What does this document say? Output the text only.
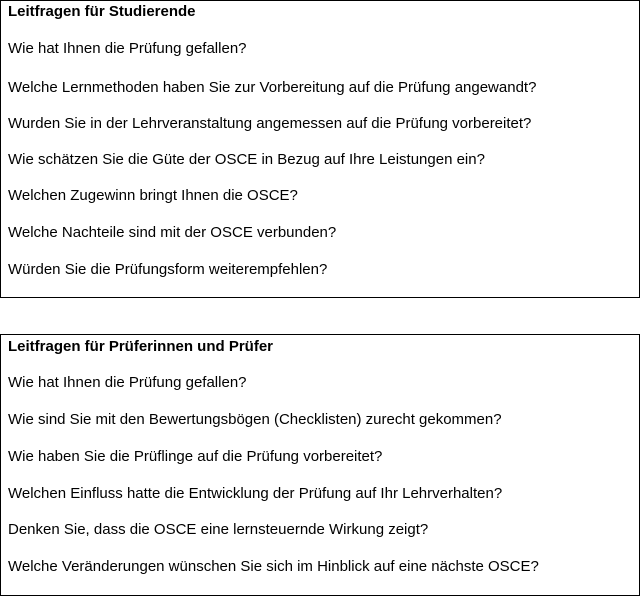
Leitfragen für Studierende
Wie hat Ihnen die Prüfung gefallen?
Welche Lernmethoden haben Sie zur Vorbereitung auf die Prüfung angewandt?
Wurden Sie in der Lehrveranstaltung angemessen auf die Prüfung vorbereitet?
Wie schätzen Sie die Güte der OSCE in Bezug auf Ihre Leistungen ein?
Welchen Zugewinn bringt Ihnen die OSCE?
Welche Nachteile sind mit der OSCE verbunden?
Würden Sie die Prüfungsform weiterempfehlen?
Leitfragen für Prüferinnen und Prüfer
Wie hat Ihnen die Prüfung gefallen?
Wie sind Sie mit den Bewertungsbögen (Checklisten) zurecht gekommen?
Wie haben Sie die Prüflinge auf die Prüfung vorbereitet?
Welchen Einfluss hatte die Entwicklung der Prüfung auf Ihr Lehrverhalten?
Denken Sie, dass die OSCE eine lernsteuernde Wirkung zeigt?
Welche Veränderungen wünschen Sie sich im Hinblick auf eine nächste OSCE?
